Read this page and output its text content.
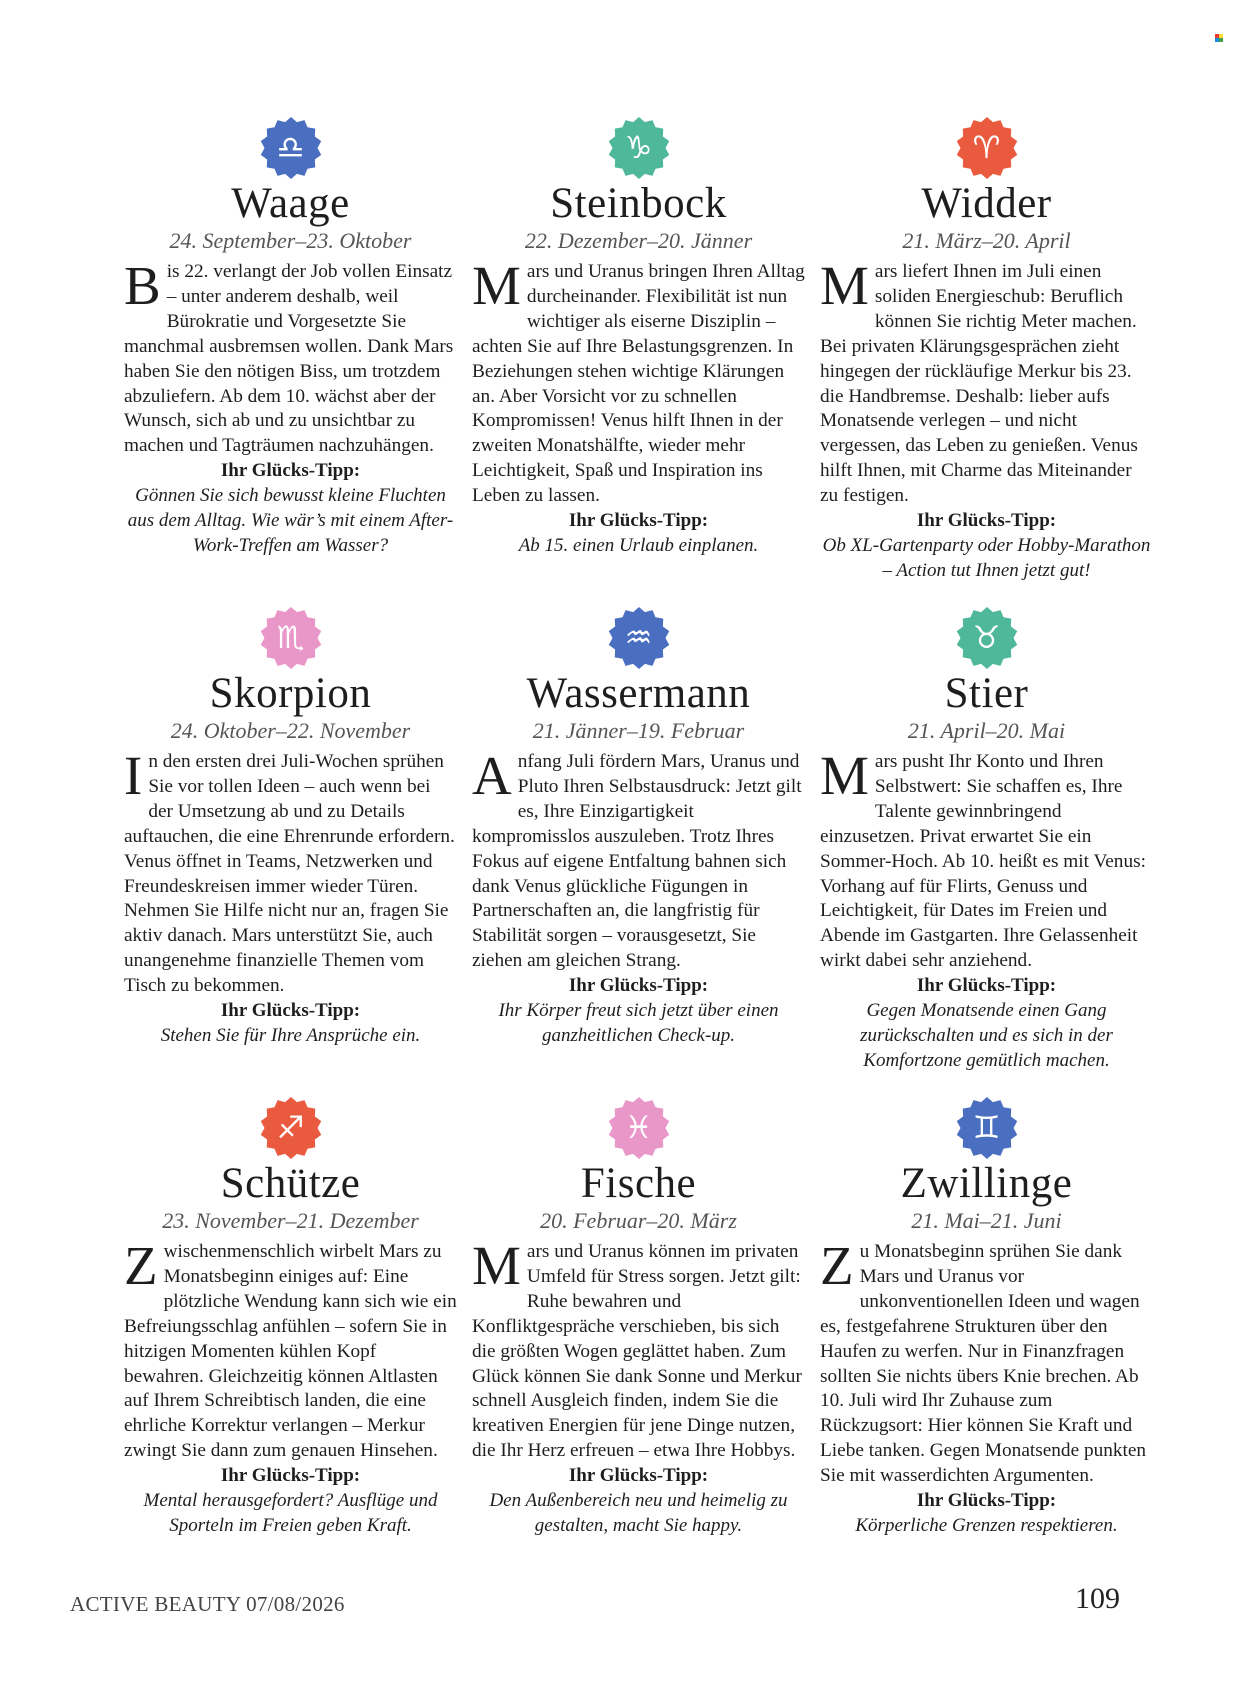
♎
Waage
24. September–23. Oktober
Bis 22. verlangt der Job vollen Einsatz – unter anderem deshalb, weil Bürokratie und Vorgesetzte Sie manchmal ausbremsen wollen. Dank Mars haben Sie den nötigen Biss, um trotzdem abzuliefern. Ab dem 10. wächst aber der Wunsch, sich ab und zu unsichtbar zu machen und Tagträumen nachzuhängen.
Ihr Glücks-Tipp:
Gönnen Sie sich bewusst kleine Fluchten aus dem Alltag. Wie wär’s mit einem After-Work-Treffen am Wasser?
♑
Steinbock
22. Dezember–20. Jänner
Mars und Uranus bringen Ihren Alltag durcheinander. Flexibilität ist nun wichtiger als eiserne Disziplin – achten Sie auf Ihre Belastungsgrenzen. In Beziehungen stehen wichtige Klärungen an. Aber Vorsicht vor zu schnellen Kompromissen! Venus hilft Ihnen in der zweiten Monatshälfte, wieder mehr Leichtigkeit, Spaß und Inspiration ins Leben zu lassen.
Ihr Glücks-Tipp:
Ab 15. einen Urlaub einplanen.
♈
Widder
21. März–20. April
Mars liefert Ihnen im Juli einen soliden Energieschub: Beruflich können Sie richtig Meter machen. Bei privaten Klärungsgesprächen zieht hingegen der rückläufige Merkur bis 23. die Handbremse. Deshalb: lieber aufs Monatsende verlegen – und nicht vergessen, das Leben zu genießen. Venus hilft Ihnen, mit Charme das Miteinander zu festigen.
Ihr Glücks-Tipp:
Ob XL-Gartenparty oder Hobby-Marathon – Action tut Ihnen jetzt gut!
♏
Skorpion
24. Oktober–22. November
In den ersten drei Juli-Wochen sprühen Sie vor tollen Ideen – auch wenn bei der Umsetzung ab und zu Details auftauchen, die eine Ehrenrunde erfordern. Venus öffnet in Teams, Netzwerken und Freundeskreisen immer wieder Türen. Nehmen Sie Hilfe nicht nur an, fragen Sie aktiv danach. Mars unterstützt Sie, auch unangenehme finanzielle Themen vom Tisch zu bekommen.
Ihr Glücks-Tipp:
Stehen Sie für Ihre Ansprüche ein.
♒
Wassermann
21. Jänner–19. Februar
Anfang Juli fördern Mars, Uranus und Pluto Ihren Selbstausdruck: Jetzt gilt es, Ihre Einzigartigkeit kompromisslos auszuleben. Trotz Ihres Fokus auf eigene Entfaltung bahnen sich dank Venus glückliche Fügungen in Partnerschaften an, die langfristig für Stabilität sorgen – vorausgesetzt, Sie ziehen am gleichen Strang.
Ihr Glücks-Tipp:
Ihr Körper freut sich jetzt über einen ganzheitlichen Check-up.
♉
Stier
21. April–20. Mai
Mars pusht Ihr Konto und Ihren Selbstwert: Sie schaffen es, Ihre Talente gewinnbringend einzusetzen. Privat erwartet Sie ein Sommer-Hoch. Ab 10. heißt es mit Venus: Vorhang auf für Flirts, Genuss und Leichtigkeit, für Dates im Freien und Abende im Gastgarten. Ihre Gelassenheit wirkt dabei sehr anziehend.
Ihr Glücks-Tipp:
Gegen Monatsende einen Gang zurückschalten und es sich in der Komfortzone gemütlich machen.
♐
Schütze
23. November–21. Dezember
Zwischenmenschlich wirbelt Mars zu Monatsbeginn einiges auf: Eine plötzliche Wendung kann sich wie ein Befreiungsschlag anfühlen – sofern Sie in hitzigen Momenten kühlen Kopf bewahren. Gleichzeitig können Altlasten auf Ihrem Schreibtisch landen, die eine ehrliche Korrektur verlangen – Merkur zwingt Sie dann zum genauen Hinsehen.
Ihr Glücks-Tipp:
Mental herausgefordert? Ausflüge und Sporteln im Freien geben Kraft.
♓
Fische
20. Februar–20. März
Mars und Uranus können im privaten Umfeld für Stress sorgen. Jetzt gilt: Ruhe bewahren und Konfliktgespräche verschieben, bis sich die größten Wogen geglättet haben. Zum Glück können Sie dank Sonne und Merkur schnell Ausgleich finden, indem Sie die kreativen Energien für jene Dinge nutzen, die Ihr Herz erfreuen – etwa Ihre Hobbys.
Ihr Glücks-Tipp:
Den Außenbereich neu und heimelig zu gestalten, macht Sie happy.
♊
Zwillinge
21. Mai–21. Juni
Zu Monatsbeginn sprühen Sie dank Mars und Uranus vor unkonventionellen Ideen und wagen es, festgefahrene Strukturen über den Haufen zu werfen. Nur in Finanzfragen sollten Sie nichts übers Knie brechen. Ab 10. Juli wird Ihr Zuhause zum Rückzugsort: Hier können Sie Kraft und Liebe tanken. Gegen Monatsende punkten Sie mit wasserdichten Argumenten.
Ihr Glücks-Tipp:
Körperliche Grenzen respektieren.
ACTIVE BEAUTY 07/08/2026	109
